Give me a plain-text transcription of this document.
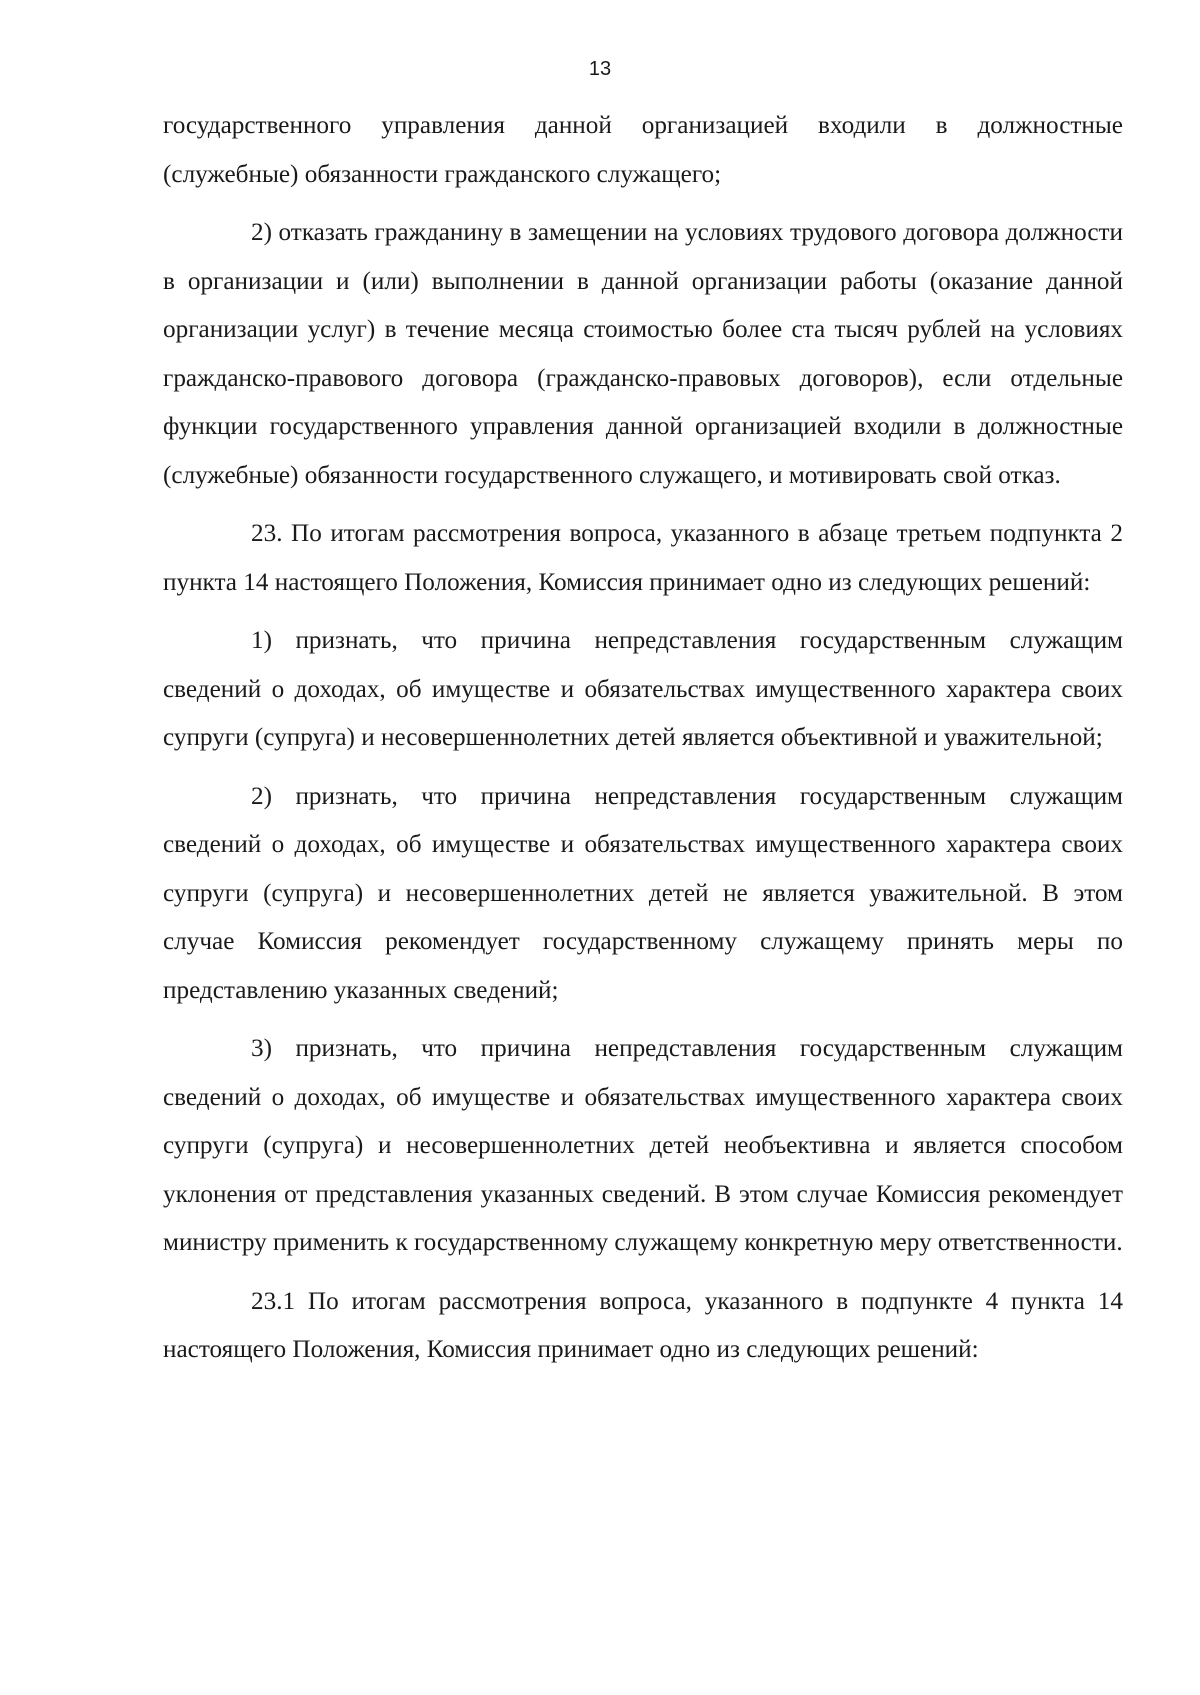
13

государственного управления данной организацией входили в должностные (служебные) обязанности гражданского служащего;

2) отказать гражданину в замещении на условиях трудового договора должности в организации и (или) выполнении в данной организации работы (оказание данной организации услуг) в течение месяца стоимостью более ста тысяч рублей на условиях гражданско-правового договора (гражданско-правовых договоров), если отдельные функции государственного управления данной организацией входили в должностные (служебные) обязанности государственного служащего, и мотивировать свой отказ.

23. По итогам рассмотрения вопроса, указанного в абзаце третьем подпункта 2 пункта 14 настоящего Положения, Комиссия принимает одно из следующих решений:

1) признать, что причина непредставления государственным служащим сведений о доходах, об имуществе и обязательствах имущественного характера своих супруги (супруга) и несовершеннолетних детей является объективной и уважительной;

2) признать, что причина непредставления государственным служащим сведений о доходах, об имуществе и обязательствах имущественного характера своих супруги (супруга) и несовершеннолетних детей не является уважительной. В этом случае Комиссия рекомендует государственному служащему принять меры по представлению указанных сведений;

3) признать, что причина непредставления государственным служащим сведений о доходах, об имуществе и обязательствах имущественного характера своих супруги (супруга) и несовершеннолетних детей необъективна и является способом уклонения от представления указанных сведений. В этом случае Комиссия рекомендует министру применить к государственному служащему конкретную меру ответственности.

23.1 По итогам рассмотрения вопроса, указанного в подпункте 4 пункта 14 настоящего Положения, Комиссия принимает одно из следующих решений:
